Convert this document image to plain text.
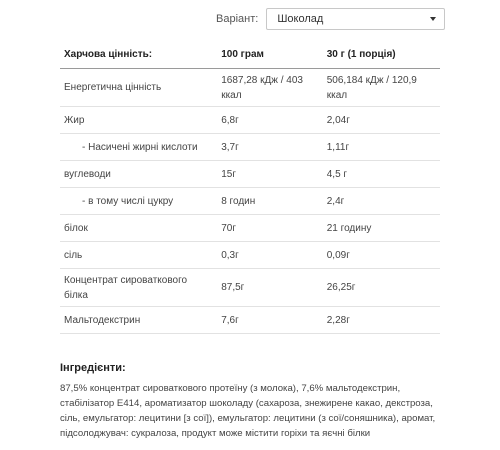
Варіант: Шоколад
Харчова цінність:	100 грам	30 г (1 порція)
Енергетична цінність	1687,28 кДж / 403 ккал	506,184 кДж / 120,9 ккал
Жир	6,8г	2,04г
- Насичені жирні кислоти	3,7г	1,11г
вуглеводи	15г	4,5 г
- в тому числі цукру	8 годин	2,4г
білок	70г	21 годину
сіль	0,3г	0,09г
Концентрат сироваткового білка	87,5г	26,25г
Мальтодекстрин	7,6г	2,28г
Інгредієнти:

87,5% концентрат сироваткового протеїну (з молока), 7,6% мальтодекстрин, стабілізатор E414, ароматизатор шоколаду (сахароза, знежирене какао, декстроза, сіль, емульгатор: лецитини [з сої]), емульгатор: лецитини (з сої/соняшника), аромат, підсолоджувач: сукралоза, продукт може містити горіхи та яєчні білки
